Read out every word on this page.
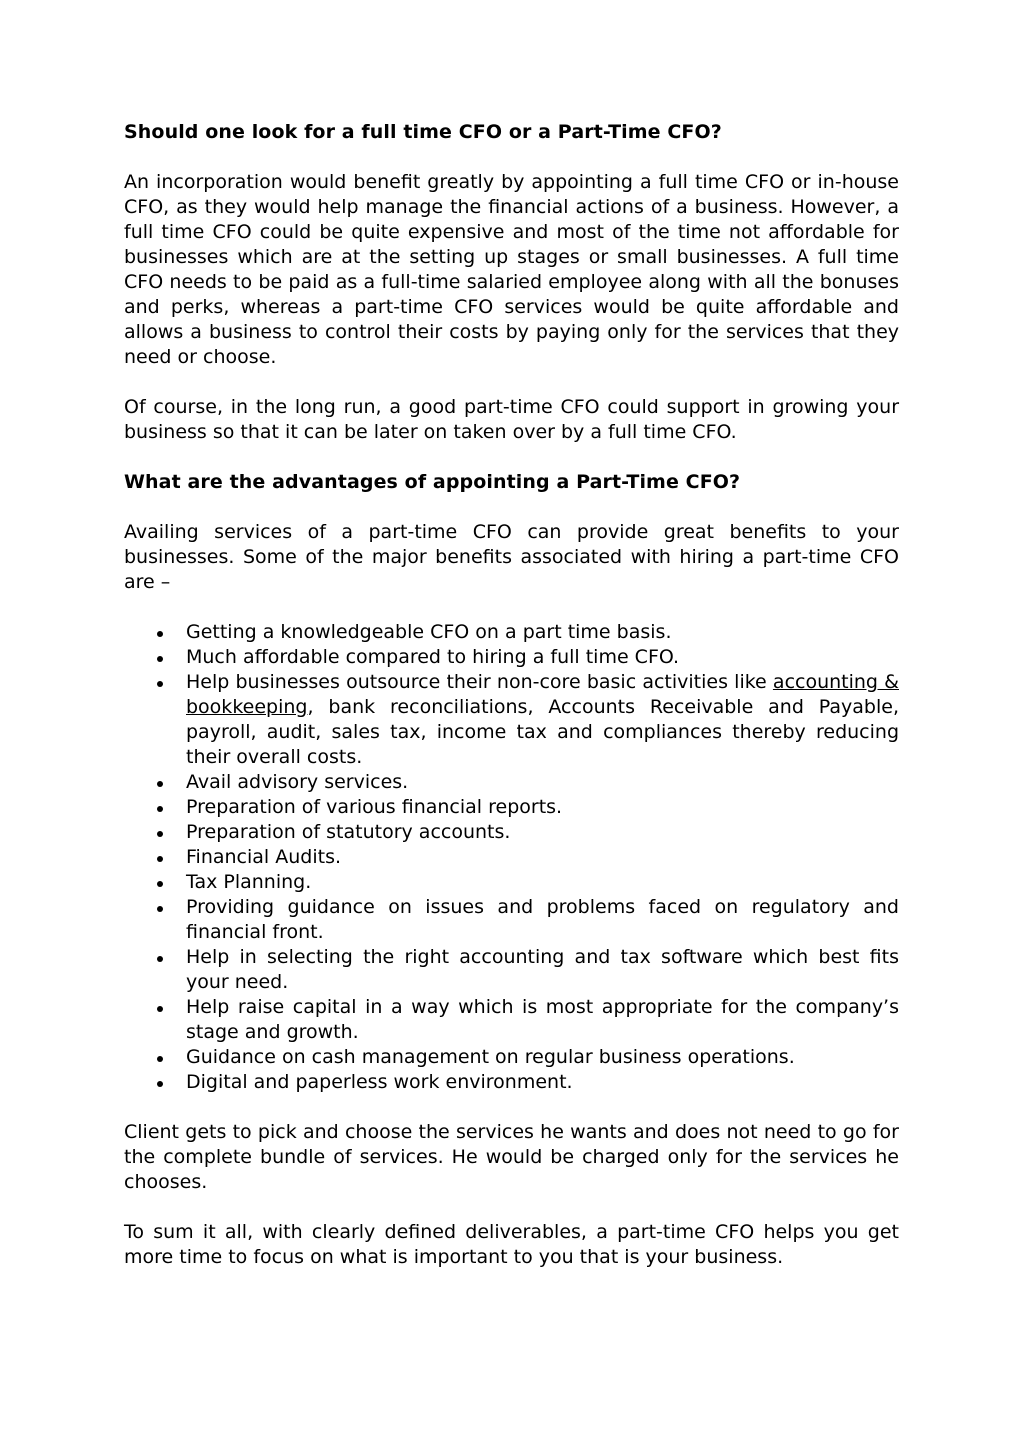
Should one look for a full time CFO or a Part-Time CFO?

An incorporation would benefit greatly by appointing a full time CFO or in-house CFO, as they would help manage the financial actions of a business. However, a full time CFO could be quite expensive and most of the time not affordable for businesses which are at the setting up stages or small businesses. A full time CFO needs to be paid as a full-time salaried employee along with all the bonuses and perks, whereas a part-time CFO services would be quite affordable and allows a business to control their costs by paying only for the services that they need or choose.

Of course, in the long run, a good part-time CFO could support in growing your business so that it can be later on taken over by a full time CFO.

What are the advantages of appointing a Part-Time CFO?

Availing services of a part-time CFO can provide great benefits to your businesses. Some of the major benefits associated with hiring a part-time CFO are –

Getting a knowledgeable CFO on a part time basis.
Much affordable compared to hiring a full time CFO.
Help businesses outsource their non-core basic activities like accounting & bookkeeping, bank reconciliations, Accounts Receivable and Payable, payroll, audit, sales tax, income tax and compliances thereby reducing their overall costs.
Avail advisory services.
Preparation of various financial reports.
Preparation of statutory accounts.
Financial Audits.
Tax Planning.
Providing guidance on issues and problems faced on regulatory and financial front.
Help in selecting the right accounting and tax software which best fits your need.
Help raise capital in a way which is most appropriate for the company’s stage and growth.
Guidance on cash management on regular business operations.
Digital and paperless work environment.

Client gets to pick and choose the services he wants and does not need to go for the complete bundle of services. He would be charged only for the services he chooses.

To sum it all, with clearly defined deliverables, a part-time CFO helps you get more time to focus on what is important to you that is your business.
